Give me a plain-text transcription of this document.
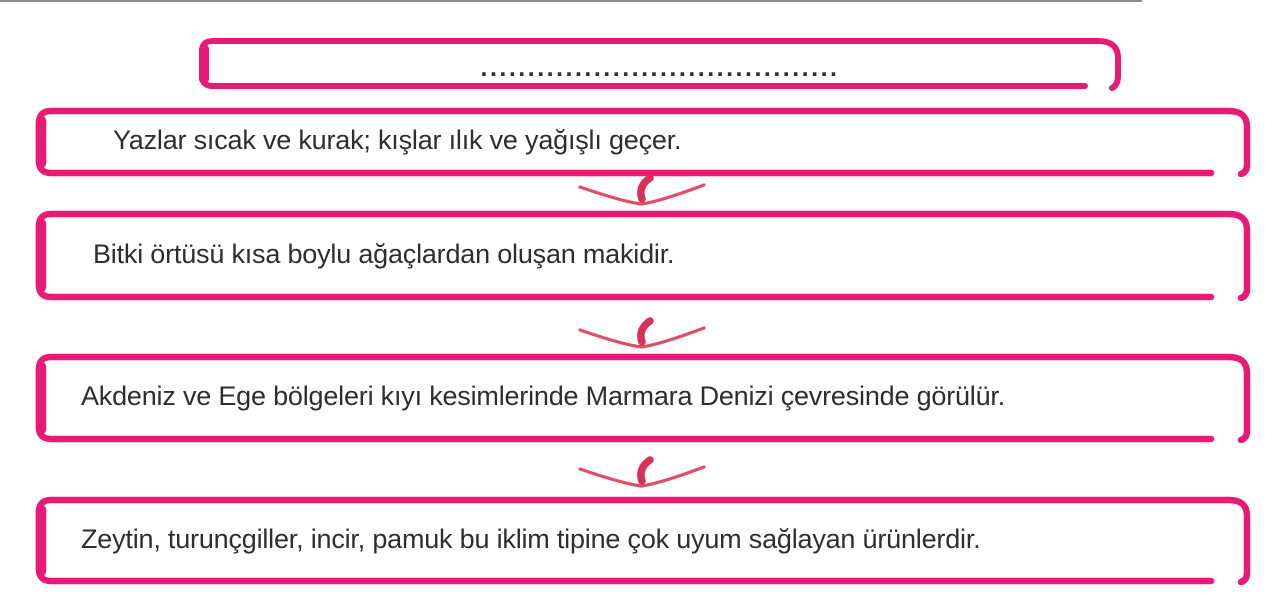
......................................
Yazlar sıcak ve kurak; kışlar ılık ve yağışlı geçer.
Bitki örtüsü kısa boylu ağaçlardan oluşan makidir.
Akdeniz ve Ege bölgeleri kıyı kesimlerinde Marmara Denizi çevresinde görülür.
Zeytin, turunçgiller, incir, pamuk bu iklim tipine çok uyum sağlayan ürünlerdir.
